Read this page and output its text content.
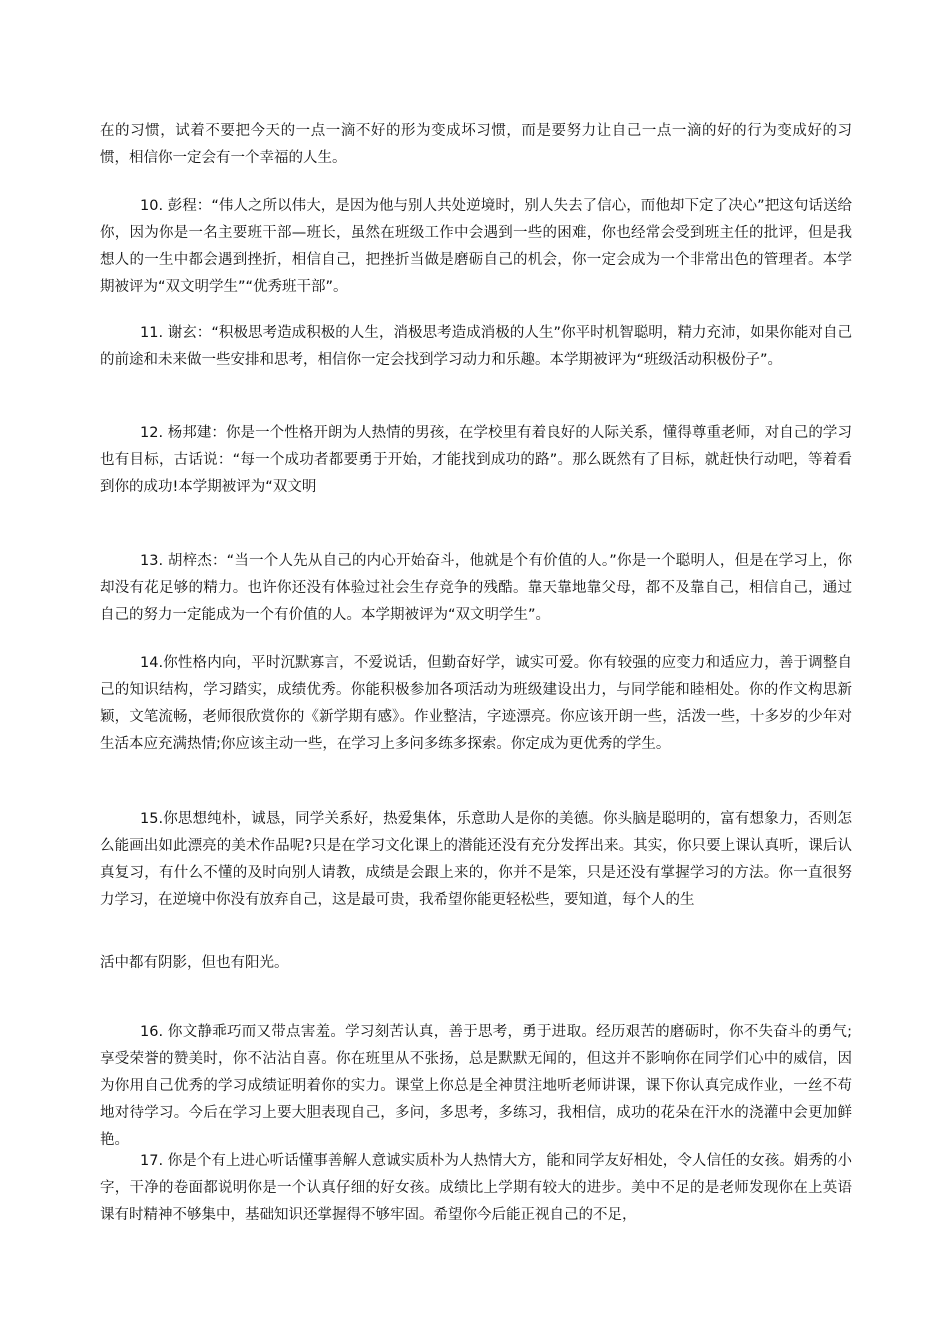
在的习惯，试着不要把今天的一点一滴不好的形为变成坏习惯，而是要努力让自己一点一滴的好的行为变成好的习惯，相信你一定会有一个幸福的人生。

10. 彭程：“伟人之所以伟大，是因为他与别人共处逆境时，别人失去了信心，而他却下定了决心”把这句话送给你，因为你是一名主要班干部—班长，虽然在班级工作中会遇到一些的困难，你也经常会受到班主任的批评，但是我想人的一生中都会遇到挫折，相信自己，把挫折当做是磨砺自己的机会，你一定会成为一个非常出色的管理者。本学期被评为“双文明学生”“优秀班干部”。

11. 谢玄：“积极思考造成积极的人生，消极思考造成消极的人生”你平时机智聪明，精力充沛，如果你能对自己的前途和未来做一些安排和思考，相信你一定会找到学习动力和乐趣。本学期被评为“班级活动积极份子”。

12. 杨邦建：你是一个性格开朗为人热情的男孩，在学校里有着良好的人际关系，懂得尊重老师，对自己的学习也有目标，古话说：“每一个成功者都要勇于开始，才能找到成功的路”。那么既然有了目标，就赶快行动吧，等着看到你的成功!本学期被评为“双文明

13. 胡梓杰：“当一个人先从自己的内心开始奋斗，他就是个有价值的人。”你是一个聪明人，但是在学习上，你却没有花足够的精力。也许你还没有体验过社会生存竞争的残酷。靠天靠地靠父母，都不及靠自己，相信自己，通过自己的努力一定能成为一个有价值的人。本学期被评为“双文明学生”。

14.你性格内向，平时沉默寡言，不爱说话，但勤奋好学，诚实可爱。你有较强的应变力和适应力，善于调整自己的知识结构，学习踏实，成绩优秀。你能积极参加各项活动为班级建设出力，与同学能和睦相处。你的作文构思新颖，文笔流畅，老师很欣赏你的《新学期有感》。作业整洁，字迹漂亮。你应该开朗一些，活泼一些，十多岁的少年对生活本应充满热情;你应该主动一些，在学习上多问多练多探索。你定成为更优秀的学生。

15.你思想纯朴，诚恳，同学关系好，热爱集体，乐意助人是你的美德。你头脑是聪明的，富有想象力，否则怎么能画出如此漂亮的美术作品呢?只是在学习文化课上的潜能还没有充分发挥出来。其实，你只要上课认真听，课后认真复习，有什么不懂的及时向别人请教，成绩是会跟上来的，你并不是笨，只是还没有掌握学习的方法。你一直很努力学习，在逆境中你没有放弃自己，这是最可贵，我希望你能更轻松些，要知道，每个人的生

活中都有阴影，但也有阳光。

16. 你文静乖巧而又带点害羞。学习刻苦认真，善于思考，勇于进取。经历艰苦的磨砺时，你不失奋斗的勇气;享受荣誉的赞美时，你不沾沾自喜。你在班里从不张扬，总是默默无闻的，但这并不影响你在同学们心中的威信，因为你用自己优秀的学习成绩证明着你的实力。课堂上你总是全神贯注地听老师讲课，课下你认真完成作业，一丝不苟地对待学习。今后在学习上要大胆表现自己，多问，多思考，多练习，我相信，成功的花朵在汗水的浇灌中会更加鲜艳。

17. 你是个有上进心听话懂事善解人意诚实质朴为人热情大方，能和同学友好相处，令人信任的女孩。娟秀的小字，干净的卷面都说明你是一个认真仔细的好女孩。成绩比上学期有较大的进步。美中不足的是老师发现你在上英语课有时精神不够集中，基础知识还掌握得不够牢固。希望你今后能正视自己的不足，
